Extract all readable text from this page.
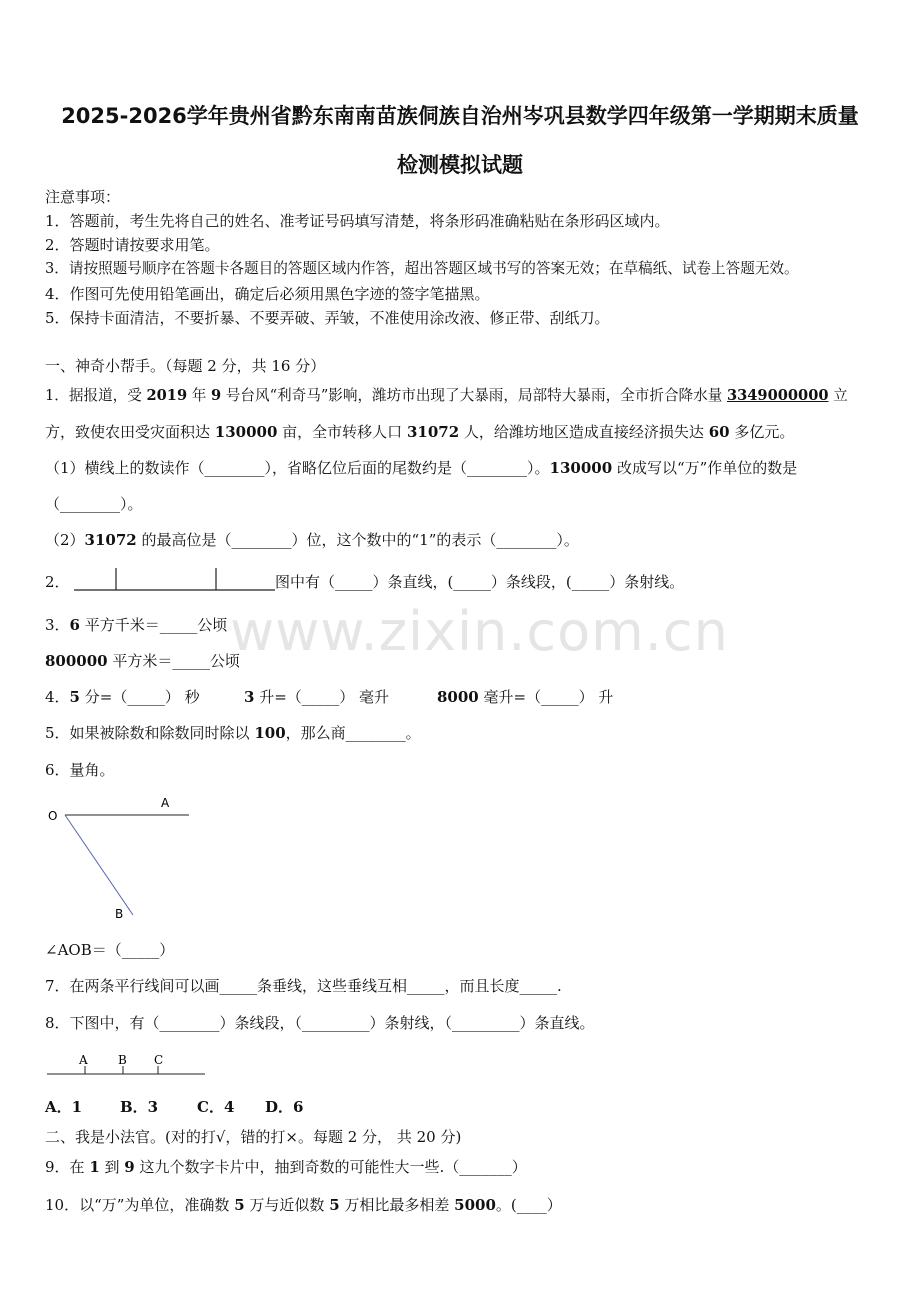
2025-2026学年贵州省黔东南南苗族侗族自治州岑巩县数学四年级第一学期期末质量
检测模拟试题
注意事项：
1．答题前，考生先将自己的姓名、准考证号码填写清楚，将条形码准确粘贴在条形码区域内。
2．答题时请按要求用笔。
3．请按照题号顺序在答题卡各题目的答题区域内作答，超出答题区域书写的答案无效；在草稿纸、试卷上答题无效。
4．作图可先使用铅笔画出，确定后必须用黑色字迹的签字笔描黑。
5．保持卡面清洁，不要折暴、不要弄破、弄皱，不准使用涂改液、修正带、刮纸刀。
一、神奇小帮手。（每题 2 分，共 16 分）
1．据报道，受 2019 年 9 号台风“利奇马”影响，潍坊市出现了大暴雨，局部特大暴雨，全市折合降水量 3349000000 立
方，致使农田受灾面积达 130000 亩，全市转移人口 31072 人，给潍坊地区造成直接经济损失达 60 多亿元。
（1）横线上的数读作（________），省略亿位后面的尾数约是（________）。130000 改成写以“万”作单位的数是
（________）。
（2）31072 的最高位是（________）位，这个数中的“1”的表示（________）。
2．	图中有（_____）条直线，(_____）条线段，(_____）条射线。
3．6 平方千米＝_____公顷
800000 平方米＝_____公顷
4．5 分=（_____） 秒	3 升=（_____） 毫升	8000 毫升=（_____） 升
5．如果被除数和除数同时除以 100，那么商________。
6．量角。
O
A
B
∠AOB＝（_____）
7．在两条平行线间可以画_____条垂线，这些垂线互相_____，而且长度_____.
8．下图中，有（________）条线段，（_________）条射线，（_________）条直线。
A	B C
A．1	B．3	C．4 D．6
二、我是小法官。(对的打√，错的打×。每题 2 分， 共 20 分)
9．在 1 到 9 这九个数字卡片中，抽到奇数的可能性大一些.（_______）
10．以“万”为单位，准确数 5 万与近似数 5 万相比最多相差 5000。(____）
www.zixin.com.cn
